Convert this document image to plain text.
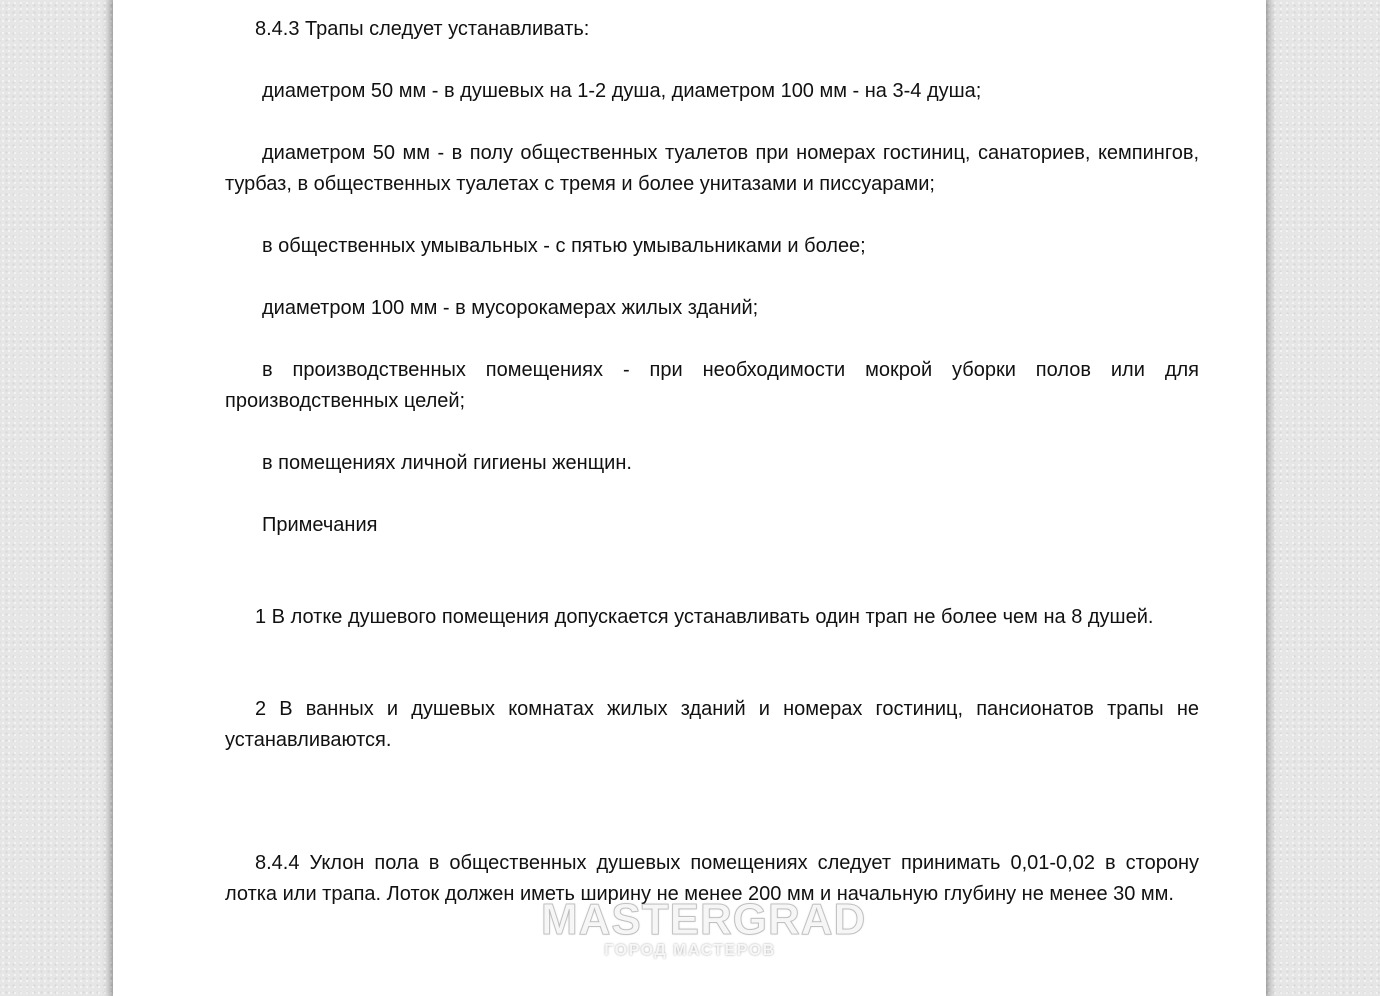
8.4.3 Трапы следует устанавливать:

диаметром 50 мм - в душевых на 1-2 душа, диаметром 100 мм - на 3-4 душа;

диаметром 50 мм - в полу общественных туалетов при номерах гостиниц, санаториев, кемпингов, турбаз, в общественных туалетах с тремя и более унитазами и писсуарами;

в общественных умывальных - с пятью умывальниками и более;

диаметром 100 мм - в мусорокамерах жилых зданий;

в производственных помещениях - при необходимости мокрой уборки полов или для производственных целей;

в помещениях личной гигиены женщин.

Примечания

1 В лотке душевого помещения допускается устанавливать один трап не более чем на 8 душей.

2 В ванных и душевых комнатах жилых зданий и номерах гостиниц, пансионатов трапы не устанавливаются.

8.4.4 Уклон пола в общественных душевых помещениях следует принимать 0,01-0,02 в сторону лотка или трапа. Лоток должен иметь ширину не менее 200 мм и начальную глубину не менее 30 мм.

MASTERGRAD
ГОРОД МАСТЕРОВ
